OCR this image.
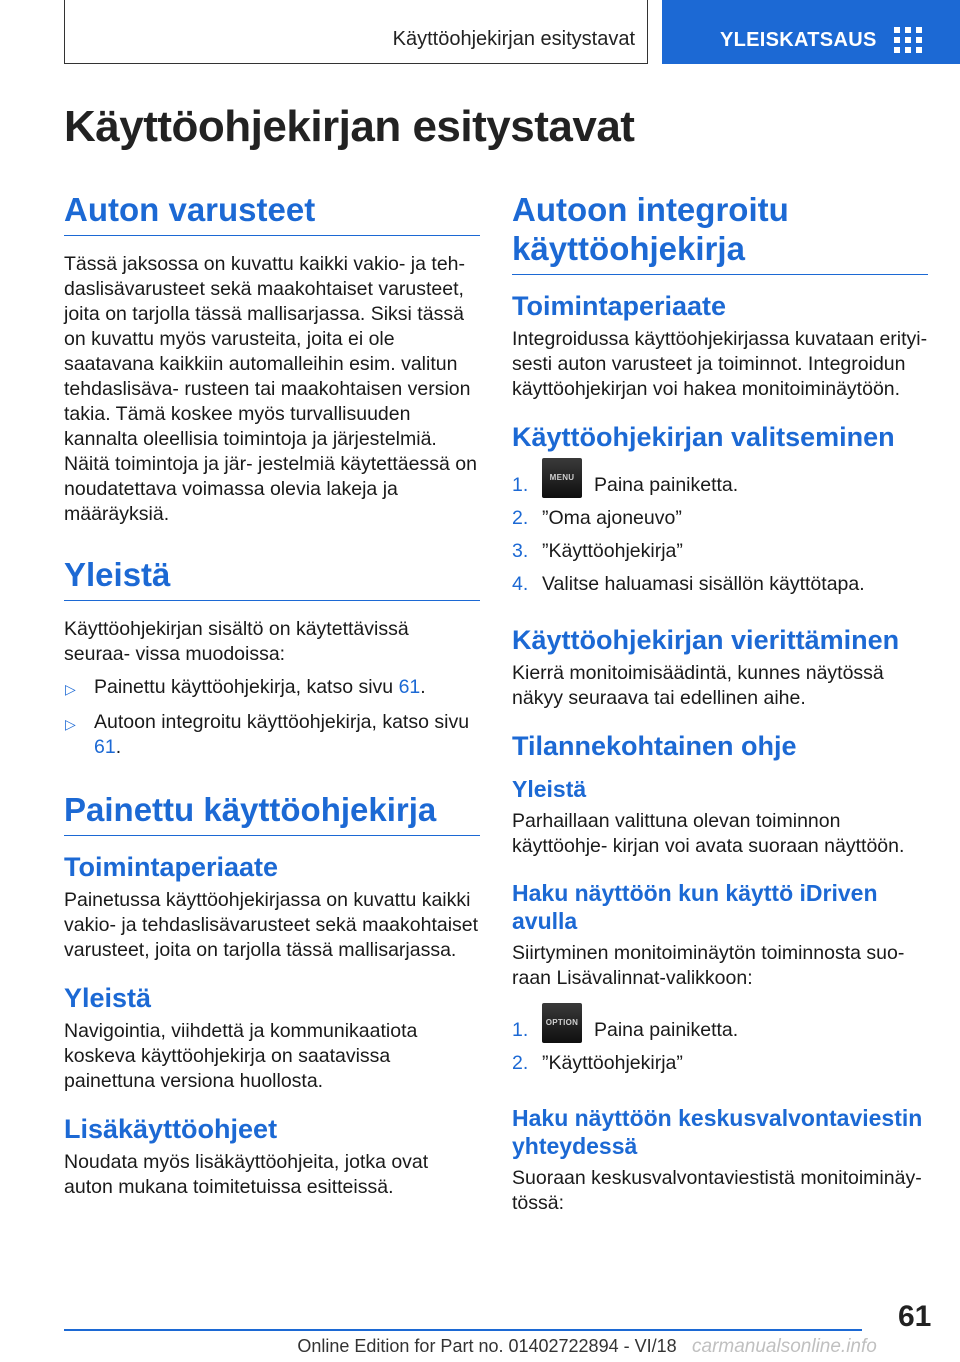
Käyttöohjekirjan esitystavat	YLEISKATSAUS
Käyttöohjekirjan esitystavat
Auton varusteet

Tässä jaksossa on kuvattu kaikki vakio- ja teh- daslisävarusteet sekä maakohtaiset varusteet, joita on tarjolla tässä mallisarjassa. Siksi tässä on kuvattu myös varusteita, joita ei ole saatavana kaikkiin automalleihin esim. valitun tehdaslisäva- rusteen tai maakohtaisen version takia. Tämä koskee myös turvallisuuden kannalta oleellisia toimintoja ja järjestelmiä. Näitä toimintoja ja jär- jestelmiä käytettäessä on noudatettava voimassa olevia lakeja ja määräyksiä.

Yleistä

Käyttöohjekirjan sisältö on käytettävissä seuraa- vissa muodoissa:

▷ Painettu käyttöohjekirja, katso sivu 61.
▷ Autoon integroitu käyttöohjekirja, katso sivu 61.
Painettu käyttöohjekirja
Toimintaperiaate

Painetussa käyttöohjekirjassa on kuvattu kaikki vakio- ja tehdaslisävarusteet sekä maakohtaiset varusteet, joita on tarjolla tässä mallisarjassa.

Yleistä

Navigointia, viihdettä ja kommunikaatiota koskeva käyttöohjekirja on saatavissa painettuna versiona huollosta.

Lisäkäyttöohjeet

Noudata myös lisäkäyttöohjeita, jotka ovat auton mukana toimitetuissa esitteissä.

Autoon integroitu käyttöohjekirja
Toimintaperiaate

Integroidussa käyttöohjekirjassa kuvataan erityi- sesti auton varusteet ja toiminnot. Integroidun käyttöohjekirjan voi hakea monitoiminäytöön.

Käyttöohjekirjan valitseminen
1.	MENU	Paina painiketta.
2. ”Oma ajoneuvo”
3. ”Käyttöohjekirja”
4. Valitse haluamasi sisällön käyttötapa.
Käyttöohjekirjan vierittäminen

Kierrä monitoimisäädintä, kunnes näytössä näkyy seuraava tai edellinen aihe.

Tilannekohtainen ohje
Yleistä

Parhaillaan valittuna olevan toiminnon käyttöohje- kirjan voi avata suoraan näyttöön.

Haku näyttöön kun käyttö iDriven avulla

Siirtyminen monitoiminäytön toiminnosta suo- raan Lisävalinnat-valikkoon:

1.	OPTION Paina painiketta.
2. ”Käyttöohjekirja”
Haku näyttöön keskusvalvontaviestin yhteydessä

Suoraan keskusvalvontaviestistä monitoiminäy- tössä:

61
Online Edition for Part no. 01402722894 - VI/18 carmanualsonline.info
